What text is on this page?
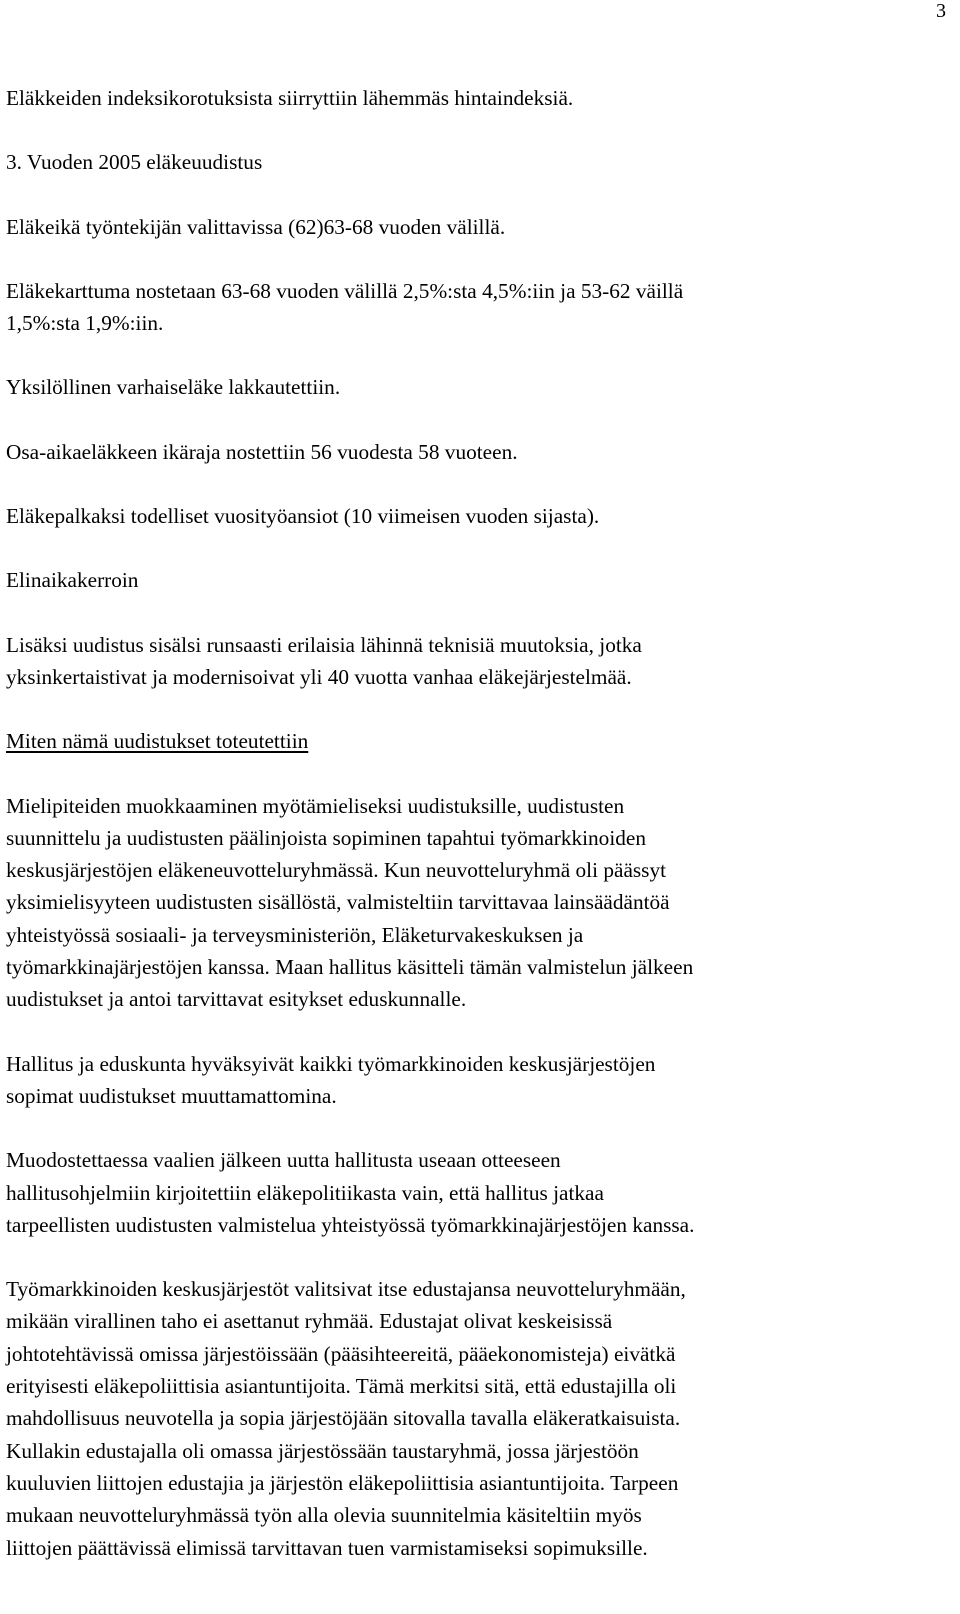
3
Eläkkeiden indeksikorotuksista siirryttiin lähemmäs hintaindeksiä.
3. Vuoden 2005 eläkeuudistus
Eläkeikä työntekijän valittavissa (62)63-68 vuoden välillä.
Eläkekarttuma nostetaan 63-68 vuoden välillä 2,5%:sta 4,5%:iin ja 53-62 väillä
1,5%:sta 1,9%:iin.
Yksilöllinen varhaiseläke lakkautettiin.
Osa-aikaeläkkeen ikäraja nostettiin 56 vuodesta 58 vuoteen.
Eläkepalkaksi todelliset vuosityöansiot (10 viimeisen vuoden sijasta).
Elinaikakerroin
Lisäksi uudistus sisälsi runsaasti erilaisia lähinnä teknisiä muutoksia, jotka
yksinkertaistivat ja modernisoivat yli 40 vuotta vanhaa eläkejärjestelmää.
Miten nämä uudistukset toteutettiin
Mielipiteiden muokkaaminen myötämieliseksi uudistuksille, uudistusten
suunnittelu ja uudistusten päälinjoista sopiminen tapahtui työmarkkinoiden
keskusjärjestöjen eläkeneuvotteluryhmässä. Kun neuvotteluryhmä oli päässyt
yksimielisyyteen uudistusten sisällöstä, valmisteltiin tarvittavaa lainsäädäntöä
yhteistyössä sosiaali- ja terveysministeriön, Eläketurvakeskuksen ja
työmarkkinajärjestöjen kanssa. Maan hallitus käsitteli tämän valmistelun jälkeen
uudistukset ja antoi tarvittavat esitykset eduskunnalle.
Hallitus ja eduskunta hyväksyivät kaikki työmarkkinoiden keskusjärjestöjen
sopimat uudistukset muuttamattomina.
Muodostettaessa vaalien jälkeen uutta hallitusta useaan otteeseen
hallitusohjelmiin kirjoitettiin eläkepolitiikasta vain, että hallitus jatkaa
tarpeellisten uudistusten valmistelua yhteistyössä työmarkkinajärjestöjen kanssa.
Työmarkkinoiden keskusjärjestöt valitsivat itse edustajansa neuvotteluryhmään,
mikään virallinen taho ei asettanut ryhmää. Edustajat olivat keskeisissä
johtotehtävissä omissa järjestöissään (pääsihteereitä, pääekonomisteja) eivätkä
erityisesti eläkepoliittisia asiantuntijoita. Tämä merkitsi sitä, että edustajilla oli
mahdollisuus neuvotella ja sopia järjestöjään sitovalla tavalla eläkeratkaisuista.
Kullakin edustajalla oli omassa järjestössään taustaryhmä, jossa järjestöön
kuuluvien liittojen edustajia ja järjestön eläkepoliittisia asiantuntijoita. Tarpeen
mukaan neuvotteluryhmässä työn alla olevia suunnitelmia käsiteltiin myös
liittojen päättävissä elimissä tarvittavan tuen varmistamiseksi sopimuksille.
